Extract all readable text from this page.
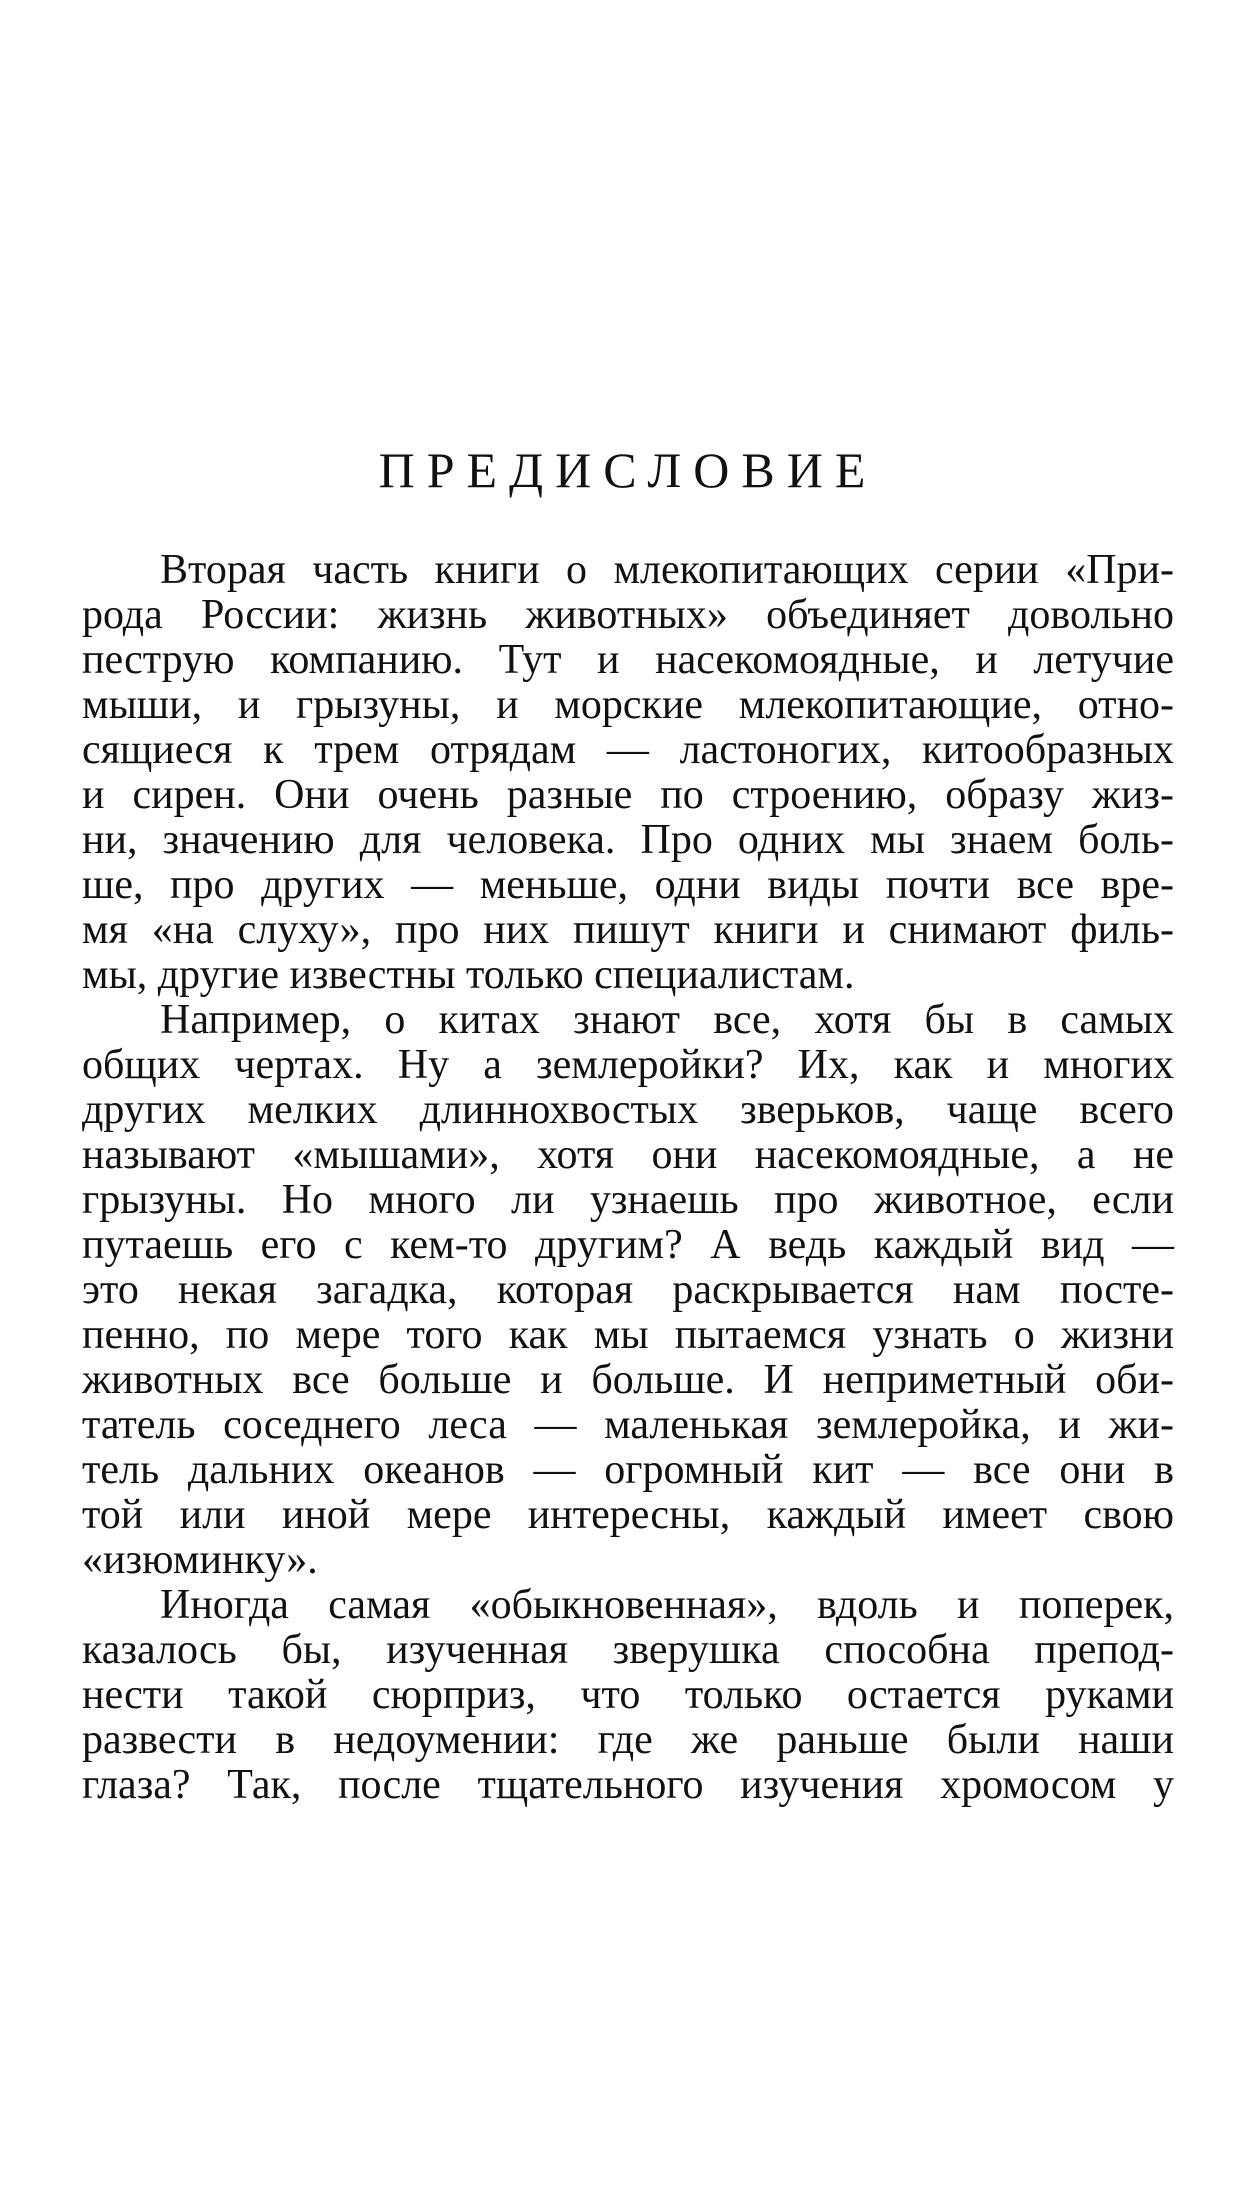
ПРЕДИСЛОВИЕ

Вторая часть книги о млекопитающих серии «При-
рода России: жизнь животных» объединяет довольно
пеструю компанию. Тут и насекомоядные, и летучие
мыши, и грызуны, и морские млекопитающие, отно-
сящиеся к трем отрядам — ластоногих, китообразных
и сирен. Они очень разные по строению, образу жиз-
ни, значению для человека. Про одних мы знаем боль-
ше, про других — меньше, одни виды почти все вре-
мя «на слуху», про них пишут книги и снимают филь-
мы, другие известны только специалистам.

Например, о китах знают все, хотя бы в самых
общих чертах. Ну а землеройки? Их, как и многих
других мелких длиннохвостых зверьков, чаще всего
называют «мышами», хотя они насекомоядные, а не
грызуны. Но много ли узнаешь про животное, если
путаешь его с кем-то другим? А ведь каждый вид —
это некая загадка, которая раскрывается нам посте-
пенно, по мере того как мы пытаемся узнать о жизни
животных все больше и больше. И неприметный оби-
татель соседнего леса — маленькая землеройка, и жи-
тель дальних океанов — огромный кит — все они в
той или иной мере интересны, каждый имеет свою
«изюминку».

Иногда самая «обыкновенная», вдоль и поперек,
казалось бы, изученная зверушка способна препод-
нести такой сюрприз, что только остается руками
развести в недоумении: где же раньше были наши
глаза? Так, после тщательного изучения хромосом у
